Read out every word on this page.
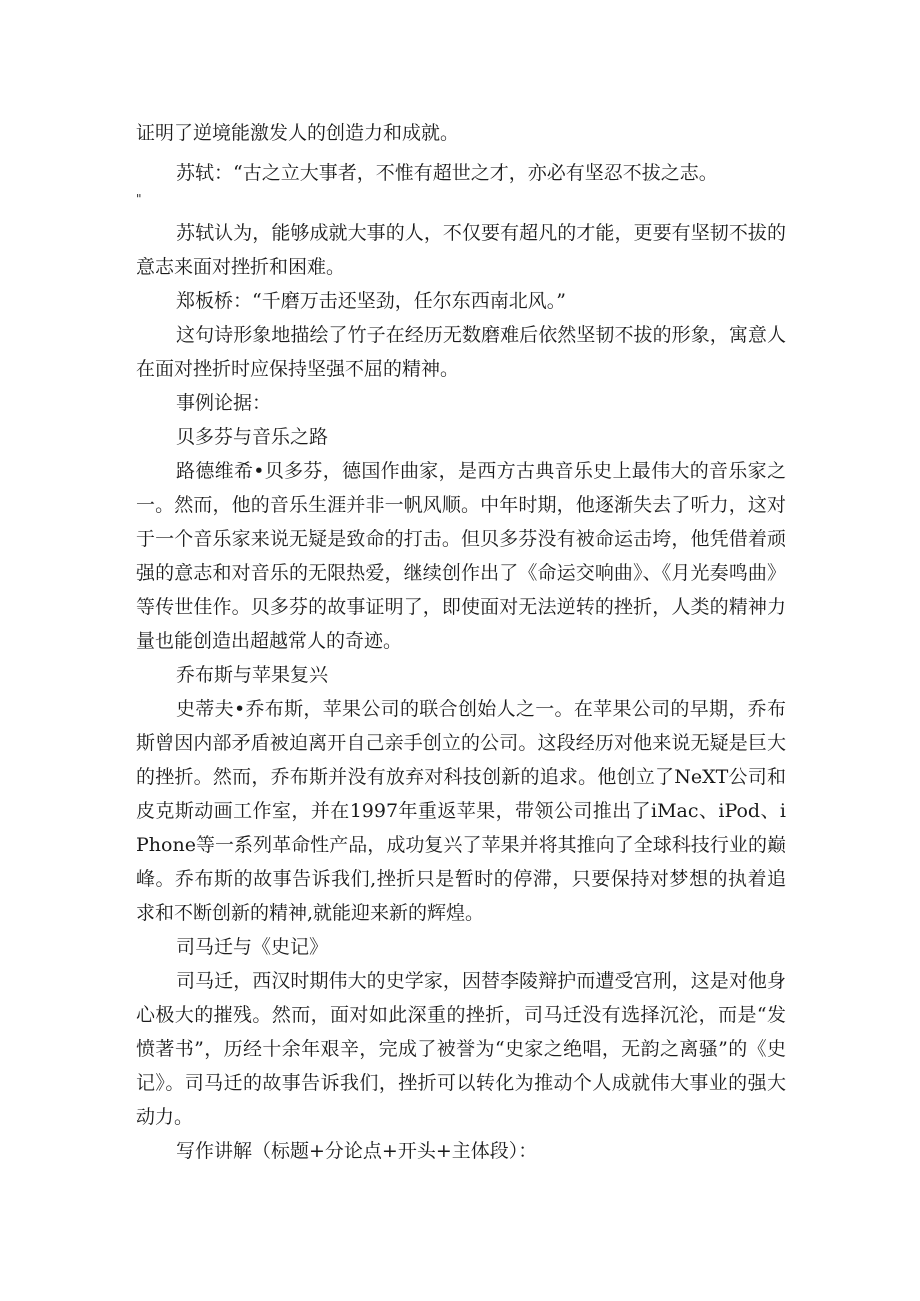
证明了逆境能激发人的创造力和成就。

苏轼：“古之立大事者，不惟有超世之才，亦必有坚忍不拔之志。

"

苏轼认为，能够成就大事的人，不仅要有超凡的才能，更要有坚韧不拔的意志来面对挫折和困难。

郑板桥：“千磨万击还坚劲，任尔东西南北风。”

这句诗形象地描绘了竹子在经历无数磨难后依然坚韧不拔的形象，寓意人在面对挫折时应保持坚强不屈的精神。

事例论据：

贝多芬与音乐之路

路德维希•贝多芬，德国作曲家，是西方古典音乐史上最伟大的音乐家之一。然而，他的音乐生涯并非一帆风顺。中年时期，他逐渐失去了听力，这对于一个音乐家来说无疑是致命的打击。但贝多芬没有被命运击垮，他凭借着顽强的意志和对音乐的无限热爱，继续创作出了《命运交响曲》、《月光奏鸣曲》等传世佳作。贝多芬的故事证明了，即使面对无法逆转的挫折，人类的精神力量也能创造出超越常人的奇迹。

乔布斯与苹果复兴

史蒂夫•乔布斯，苹果公司的联合创始人之一。在苹果公司的早期，乔布斯曾因内部矛盾被迫离开自己亲手创立的公司。这段经历对他来说无疑是巨大的挫折。然而，乔布斯并没有放弃对科技创新的追求。他创立了NeXT公司和皮克斯动画工作室，并在1997年重返苹果，带领公司推出了iMac、iPod、iPhone等一系列革命性产品，成功复兴了苹果并将其推向了全球科技行业的巅峰。乔布斯的故事告诉我们,挫折只是暂时的停滞，只要保持对梦想的执着追求和不断创新的精神,就能迎来新的辉煌。

司马迁与《史记》

司马迁，西汉时期伟大的史学家，因替李陵辩护而遭受宫刑，这是对他身心极大的摧残。然而，面对如此深重的挫折，司马迁没有选择沉沦，而是“发愤著书”，历经十余年艰辛，完成了被誉为“史家之绝唱，无韵之离骚”的《史记》。司马迁的故事告诉我们，挫折可以转化为推动个人成就伟大事业的强大动力。

写作讲解（标题+分论点+开头+主体段）：
